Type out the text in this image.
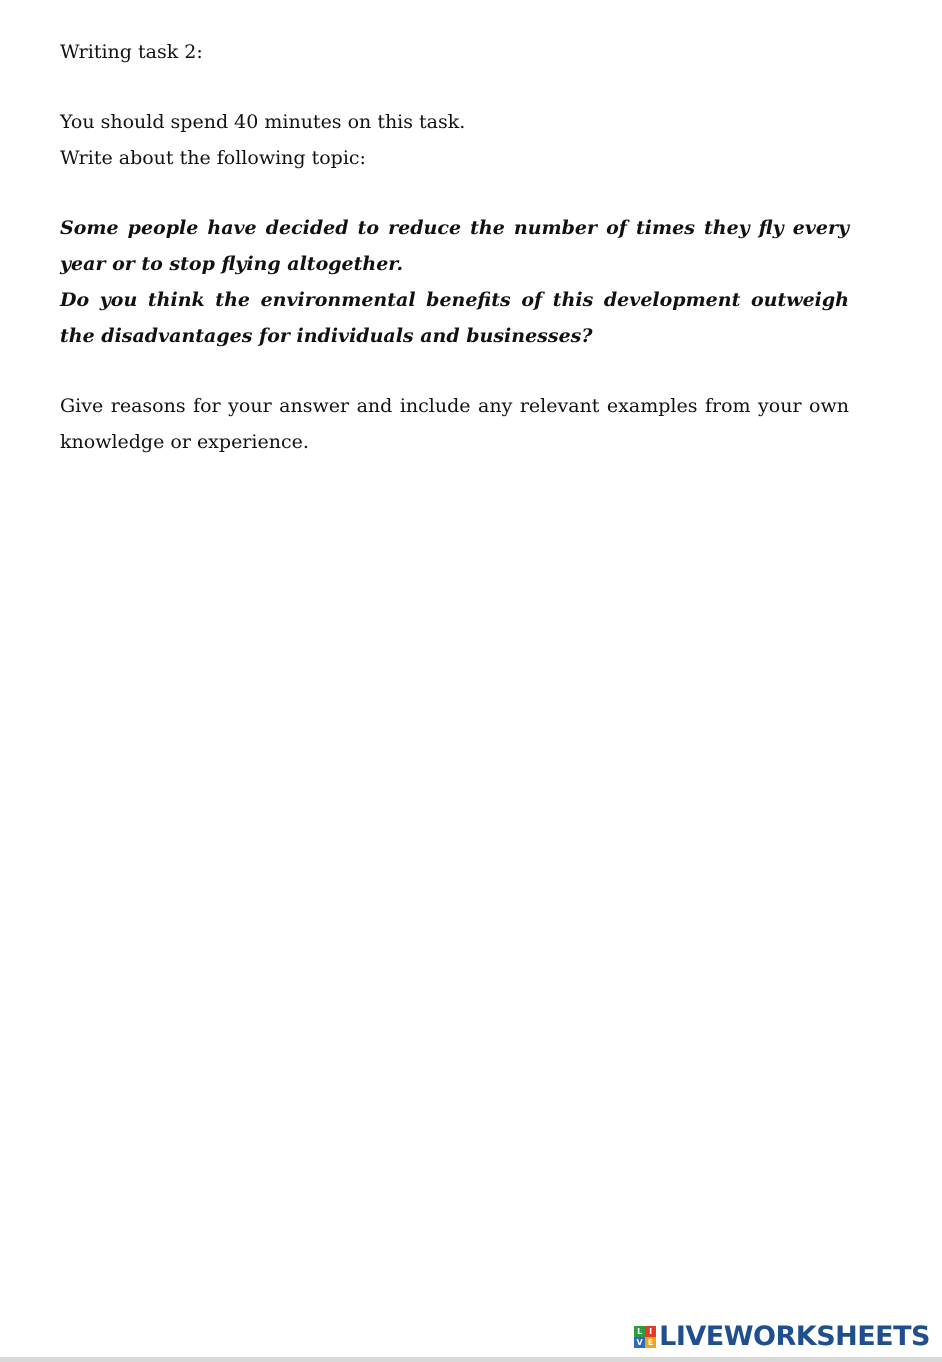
Writing task 2:

You should spend 40 minutes on this task.

Write about the following topic:

Some people have decided to reduce the number of times they fly every year or to stop flying altogether.

Do you think the environmental benefits of this development outweigh the disadvantages for individuals and businesses?

Give reasons for your answer and include any relevant examples from your own knowledge or experience.

L I
V E LIVEWORKSHEETS
